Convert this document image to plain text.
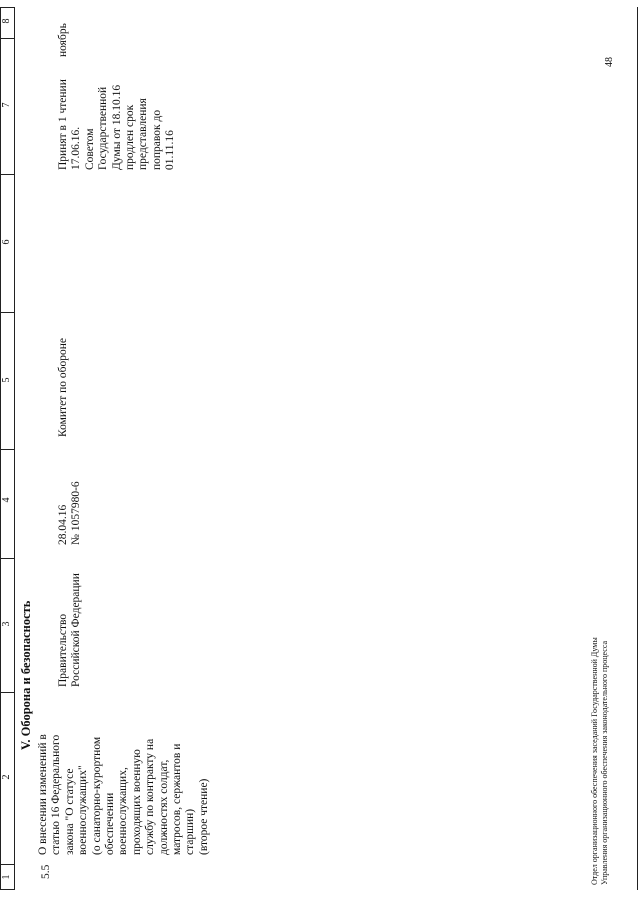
1
2
3
4
5
6
7
8
V. Оборона и безопасность
5.5
О внесении изменений в
статью 16 Федерального
закона "О статусе
военнослужащих"
(о санаторно-курортном
обеспечении
военнослужащих,
проходящих военную
службу по контракту на
должностях солдат,
матросов, сержантов и
старшин)
(второе чтение)
Правительство
Российской Федерации
28.04.16
№ 1057980-6
Комитет по обороне
Принят в 1 чтении
17.06.16.
Советом
Государственной
Думы от 18.10.16
продлен срок
представления
поправок до
01.11.16
ноябрь
Отдел организационного обеспечения заседаний Государственной Думы
Управления организационного обеспечения законодательного процесса
48
